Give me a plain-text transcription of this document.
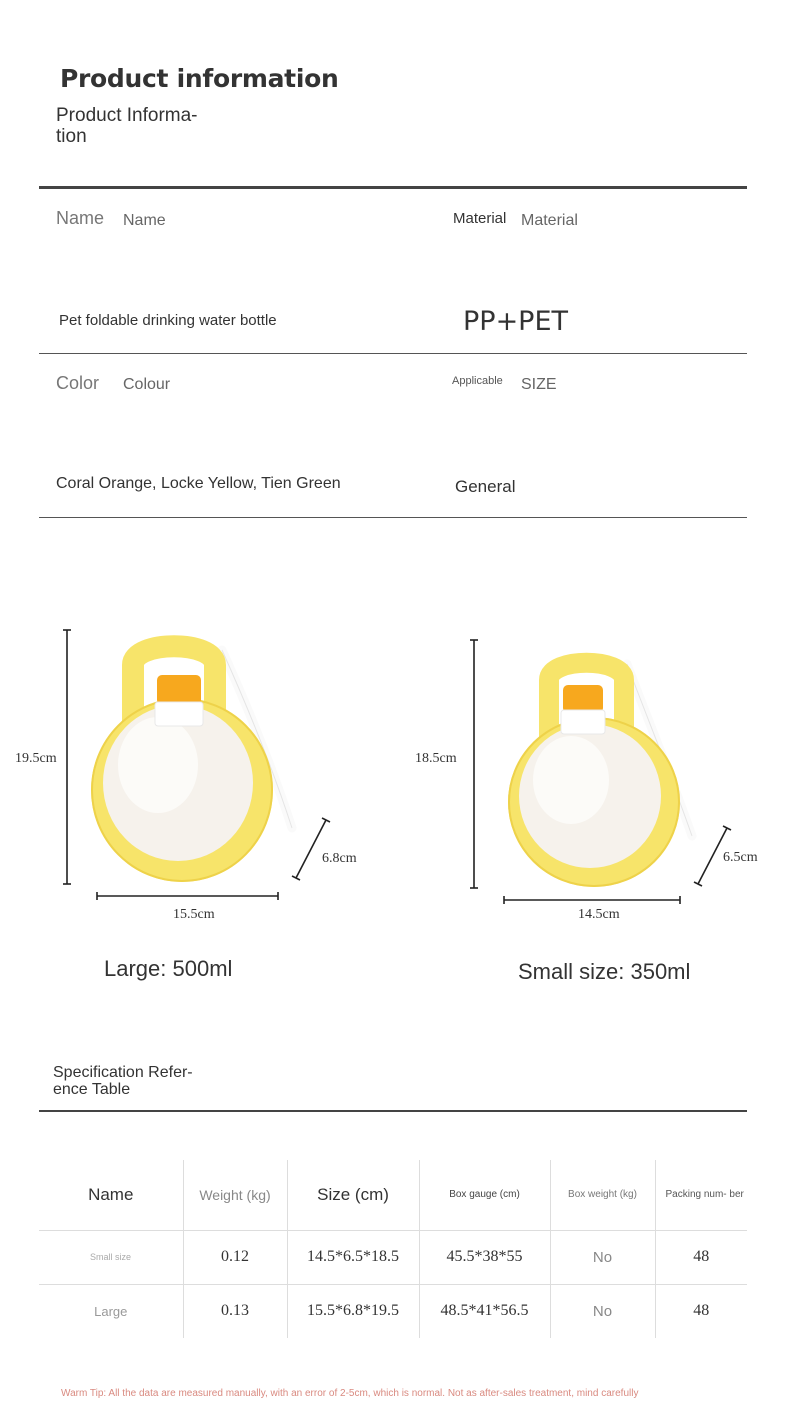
Product information
Product Informa- tion
Name Name	Material Material
Pet foldable drinking water bottle	PP+PET
Color Colour	Applicable SIZE
Coral Orange, Locke Yellow, Tien Green	General
19.5cm
6.8cm
15.5cm
Large: 500ml
18.5cm
6.5cm
14.5cm
Small size: 350ml
Specification Refer- ence Table
Name	Weight (kg)	Size (cm)	Box gauge (cm)	Box weight (kg)	Packing num- ber
Small size	0.12	14.5*6.5*18.5	45.5*38*55	No	48
Large	0.13	15.5*6.8*19.5	48.5*41*56.5	No	48
Warm Tip: All the data are measured manually, with an error of 2-5cm, which is normal. Not as after-sales treatment, mind carefully
